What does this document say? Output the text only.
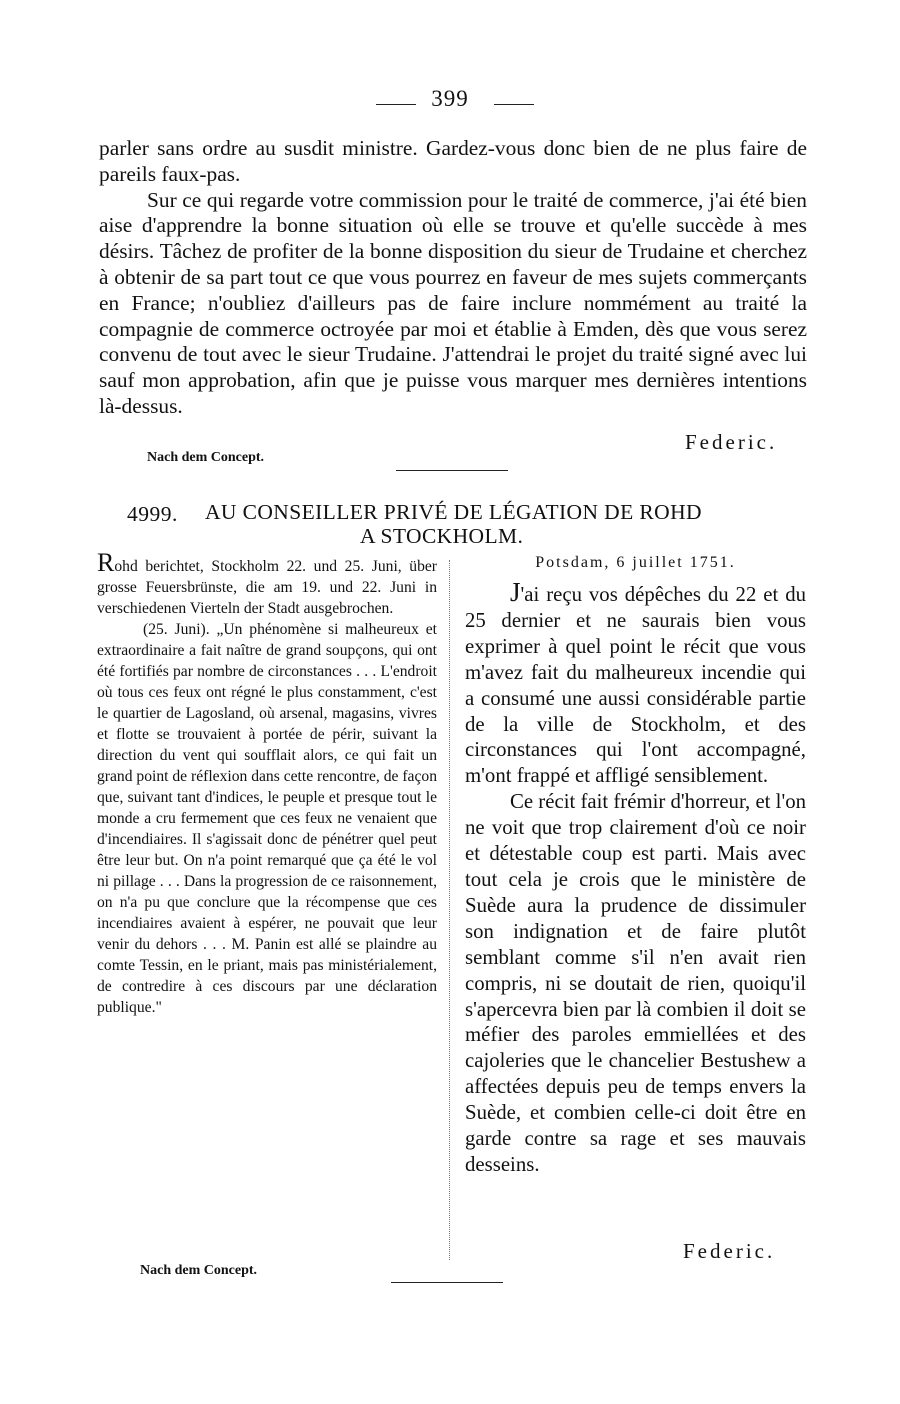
399

parler sans ordre au susdit ministre. Gardez-vous donc bien de ne plus faire de pareils faux-pas.

Sur ce qui regarde votre commission pour le traité de commerce, j'ai été bien aise d'apprendre la bonne situation où elle se trouve et qu'elle succède à mes désirs. Tâchez de profiter de la bonne disposition du sieur de Trudaine et cherchez à obtenir de sa part tout ce que vous pourrez en faveur de mes sujets commerçants en France; n'oubliez d'ailleurs pas de faire inclure nommément au traité la compagnie de commerce octroyée par moi et établie à Emden, dès que vous serez convenu de tout avec le sieur Trudaine. J'attendrai le projet du traité signé avec lui sauf mon approbation, afin que je puisse vous marquer mes dernières intentions là-dessus.

Federic.
Nach dem Concept.
4999. AU CONSEILLER PRIVÉ DE LÉGATION DE ROHD
A STOCKHOLM.

Rohd berichtet, Stockholm 22. und 25. Juni, über grosse Feuersbrünste, die am 19. und 22. Juni in verschiedenen Vierteln der Stadt ausgebrochen.

(25. Juni). „Un phénomène si malheureux et extraordinaire a fait naître de grand soupçons, qui ont été fortifiés par nombre de circonstances . . . L'endroit où tous ces feux ont régné le plus constamment, c'est le quartier de Lagosland, où arsenal, magasins, vivres et flotte se trouvaient à portée de périr, suivant la direction du vent qui soufflait alors, ce qui fait un grand point de réflexion dans cette rencontre, de façon que, suivant tant d'indices, le peuple et presque tout le monde a cru fermement que ces feux ne venaient que d'incendiaires. Il s'agissait donc de pénétrer quel peut être leur but. On n'a point remarqué que ça été le vol ni pillage . . . Dans la progression de ce raisonnement, on n'a pu que conclure que la récompense que ces incendiaires avaient à espérer, ne pouvait que leur venir du dehors . . . M. Panin est allé se plaindre au comte Tessin, en le priant, mais pas ministérialement, de contredire à ces discours par une déclaration publique."

Potsdam, 6 juillet 1751.

J'ai reçu vos dépêches du 22 et du 25 dernier et ne saurais bien vous exprimer à quel point le récit que vous m'avez fait du malheureux incendie qui a consumé une aussi considérable partie de la ville de Stockholm, et des circonstances qui l'ont accompagné, m'ont frappé et affligé sensiblement.

Ce récit fait frémir d'horreur, et l'on ne voit que trop clairement d'où ce noir et détestable coup est parti. Mais avec tout cela je crois que le ministère de Suède aura la prudence de dissimuler son indignation et de faire plutôt semblant comme s'il n'en avait rien compris, ni se doutait de rien, quoiqu'il s'apercevra bien par là combien il doit se méfier des paroles emmiellées et des cajoleries que le chancelier Bestushew a affectées depuis peu de temps envers la Suède, et combien celle-ci doit être en garde contre sa rage et ses mauvais desseins.

Federic.
Nach dem Concept.
